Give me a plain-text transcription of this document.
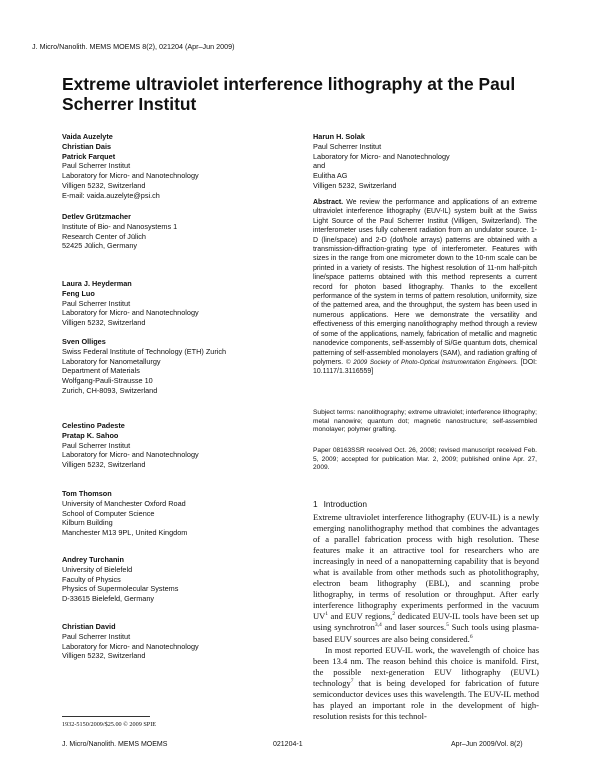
J. Micro/Nanolith. MEMS MOEMS 8(2), 021204 (Apr–Jun 2009)
Extreme ultraviolet interference lithography at the Paul Scherrer Institut
Vaida Auzelyte
Christian Dais
Patrick Farquet
Paul Scherrer Institut
Laboratory for Micro- and Nanotechnology
Villigen 5232, Switzerland
E-mail: vaida.auzelyte@psi.ch
Detlev Grützmacher
Institute of Bio- and Nanosystems 1
Research Center of Jülich
52425 Jülich, Germany
Laura J. Heyderman
Feng Luo
Paul Scherrer Institut
Laboratory for Micro- and Nanotechnology
Villigen 5232, Switzerland
Sven Olliges
Swiss Federal Institute of Technology (ETH) Zurich
Laboratory for Nanometallurgy
Department of Materials
Wolfgang-Pauli-Strausse 10
Zurich, CH-8093, Switzerland
Celestino Padeste
Pratap K. Sahoo
Paul Scherrer Institut
Laboratory for Micro- and Nanotechnology
Villigen 5232, Switzerland
Tom Thomson
University of Manchester Oxford Road
School of Computer Science
Kilburn Building
Manchester M13 9PL, United Kingdom
Andrey Turchanin
University of Bielefeld
Faculty of Physics
Physics of Supermolecular Systems
D-33615 Bielefeld, Germany
Christian David
Paul Scherrer Institut
Laboratory for Micro- and Nanotechnology
Villigen 5232, Switzerland
Harun H. Solak
Paul Scherrer Institut
Laboratory for Micro- and Nanotechnology
and
Eulitha AG
Villigen 5232, Switzerland
Abstract. We review the performance and applications of an extreme ultraviolet interference lithography (EUV-IL) system built at the Swiss Light Source of the Paul Scherrer Institut (Villigen, Switzerland). The interferometer uses fully coherent radiation from an undulator source. 1-D (line/space) and 2-D (dot/hole arrays) patterns are obtained with a transmission-diffraction-grating type of interferometer. Features with sizes in the range from one micrometer down to the 10-nm scale can be printed in a variety of resists. The highest resolution of 11-nm half-pitch line/space patterns obtained with this method represents a current record for photon based lithography. Thanks to the excellent performance of the system in terms of pattern resolution, uniformity, size of the patterned area, and the throughput, the system has been used in numerous applications. Here we demonstrate the versatility and effectiveness of this emerging nanolithography method through a review of some of the applications, namely, fabrication of metallic and magnetic nanodevice components, self-assembly of Si/Ge quantum dots, chemical patterning of self-assembled monolayers (SAM), and radiation grafting of polymers. © 2009 Society of Photo-Optical Instrumentation Engineers. [DOI: 10.1117/1.3116559]
Subject terms: nanolithography; extreme ultraviolet; interference lithography; metal nanowire; quantum dot; magnetic nanostructure; self-assembled monolayer; polymer grafting.
Paper 08163SSR received Oct. 26, 2008; revised manuscript received Feb. 5, 2009; accepted for publication Mar. 2, 2009; published online Apr. 27, 2009.
1 Introduction
Extreme ultraviolet interference lithography (EUV-IL) is a newly emerging nanolithography method that combines the advantages of a parallel fabrication process with high resolution. These features make it an attractive tool for researchers who are increasingly in need of a nanopatterning capability that is beyond what is available from other methods such as photolithography, electron beam lithography (EBL), and scanning probe lithography, in terms of resolution or throughput. After early interference lithography experiments performed in the vacuum $UV^1$ and EUV regions,$^2$ dedicated EUV-IL tools have been set up using synchrotron$^{3,4}$ and laser sources.$^5$ Such tools using plasma-based EUV sources are also being considered.$^6$
In most reported EUV-IL work, the wavelength of choice has been 13.4 nm. The reason behind this choice is manifold. First, the possible next-generation EUV lithography (EUVL) technology$^7$ that is being developed for fabrication of future semiconductor devices uses this wavelength. The EUV-IL method has played an important role in the development of high-resolution resists for this technol-
1932-5150/2009/$25.00 © 2009 SPIE
J. Micro/Nanolith. MEMS MOEMS	021204-1	Apr–Jun 2009/Vol. 8(2)
